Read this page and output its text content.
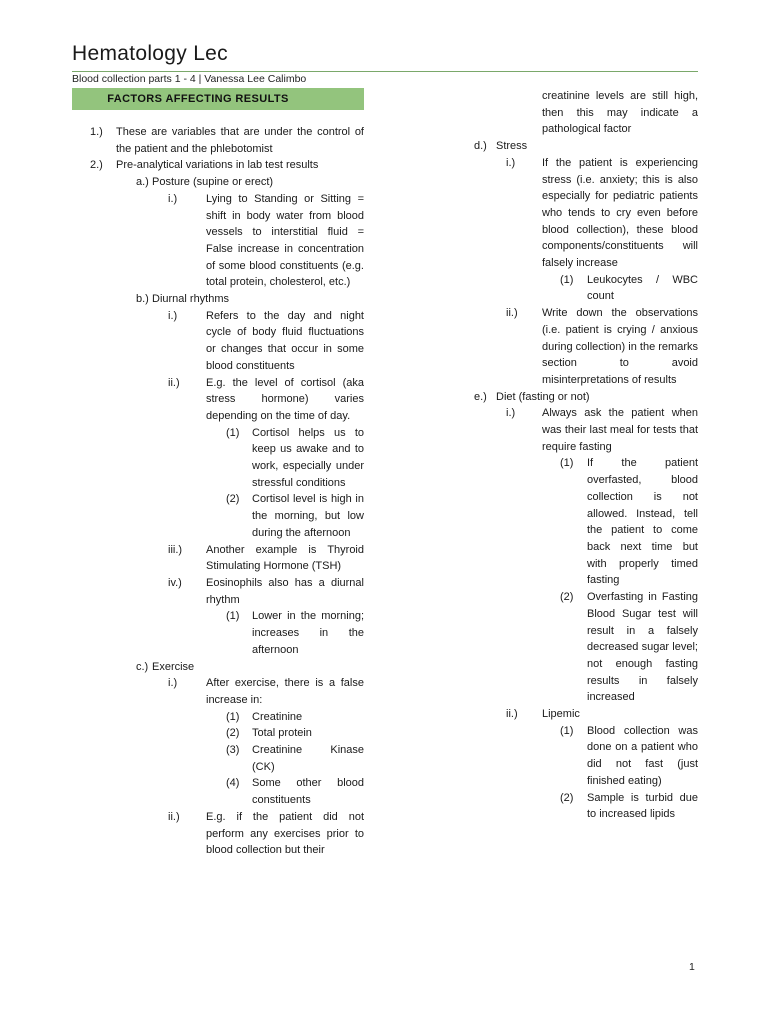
Hematology Lec
Blood collection parts 1 - 4 | Vanessa Lee Calimbo
FACTORS AFFECTING RESULTS
1.)	These are variables that are under the control of the patient and the phlebotomist
2.)	Pre-analytical variations in lab test results
a.) Posture (supine or erect)
i.)	Lying to Standing or Sitting = shift in body water from blood vessels to interstitial fluid = False increase in concentration of some blood constituents (e.g. total protein, cholesterol, etc.)
b.) Diurnal rhythms
i.)	Refers to the day and night cycle of body fluid fluctuations or changes that occur in some blood constituents
ii.)	E.g. the level of cortisol (aka stress hormone) varies depending on the time of day.
(1)	Cortisol helps us to keep us awake and to work, especially under stressful conditions
(2)	Cortisol level is high in the morning, but low during the afternoon
iii.)	Another example is Thyroid Stimulating Hormone (TSH)
iv.)	Eosinophils also has a diurnal rhythm
(1)	Lower in the morning; increases in the afternoon
c.) Exercise
i.)	After exercise, there is a false increase in:
(1)	Creatinine
(2)	Total protein
(3)	Creatinine Kinase (CK)
(4)	Some other blood constituents
ii.)	E.g. if the patient did not perform any exercises prior to blood collection but their
creatinine levels are still high, then this may indicate a pathological factor
d.) Stress
i.)	If the patient is experiencing stress (i.e. anxiety; this is also especially for pediatric patients who tends to cry even before blood collection), these blood components/constituents will falsely increase
(1)	Leukocytes / WBC count
ii.)	Write down the observations (i.e. patient is crying / anxious during collection) in the remarks section to avoid misinterpretations of results
e.) Diet (fasting or not)
i.)	Always ask the patient when was their last meal for tests that require fasting
(1)	If the patient overfasted, blood collection is not allowed. Instead, tell the patient to come back next time but with properly timed fasting
(2)	Overfasting in Fasting Blood Sugar test will result in a falsely decreased sugar level; not enough fasting results in falsely increased
ii.)	Lipemic
(1)	Blood collection was done on a patient who did not fast (just finished eating)
(2)	Sample is turbid due to increased lipids
1
